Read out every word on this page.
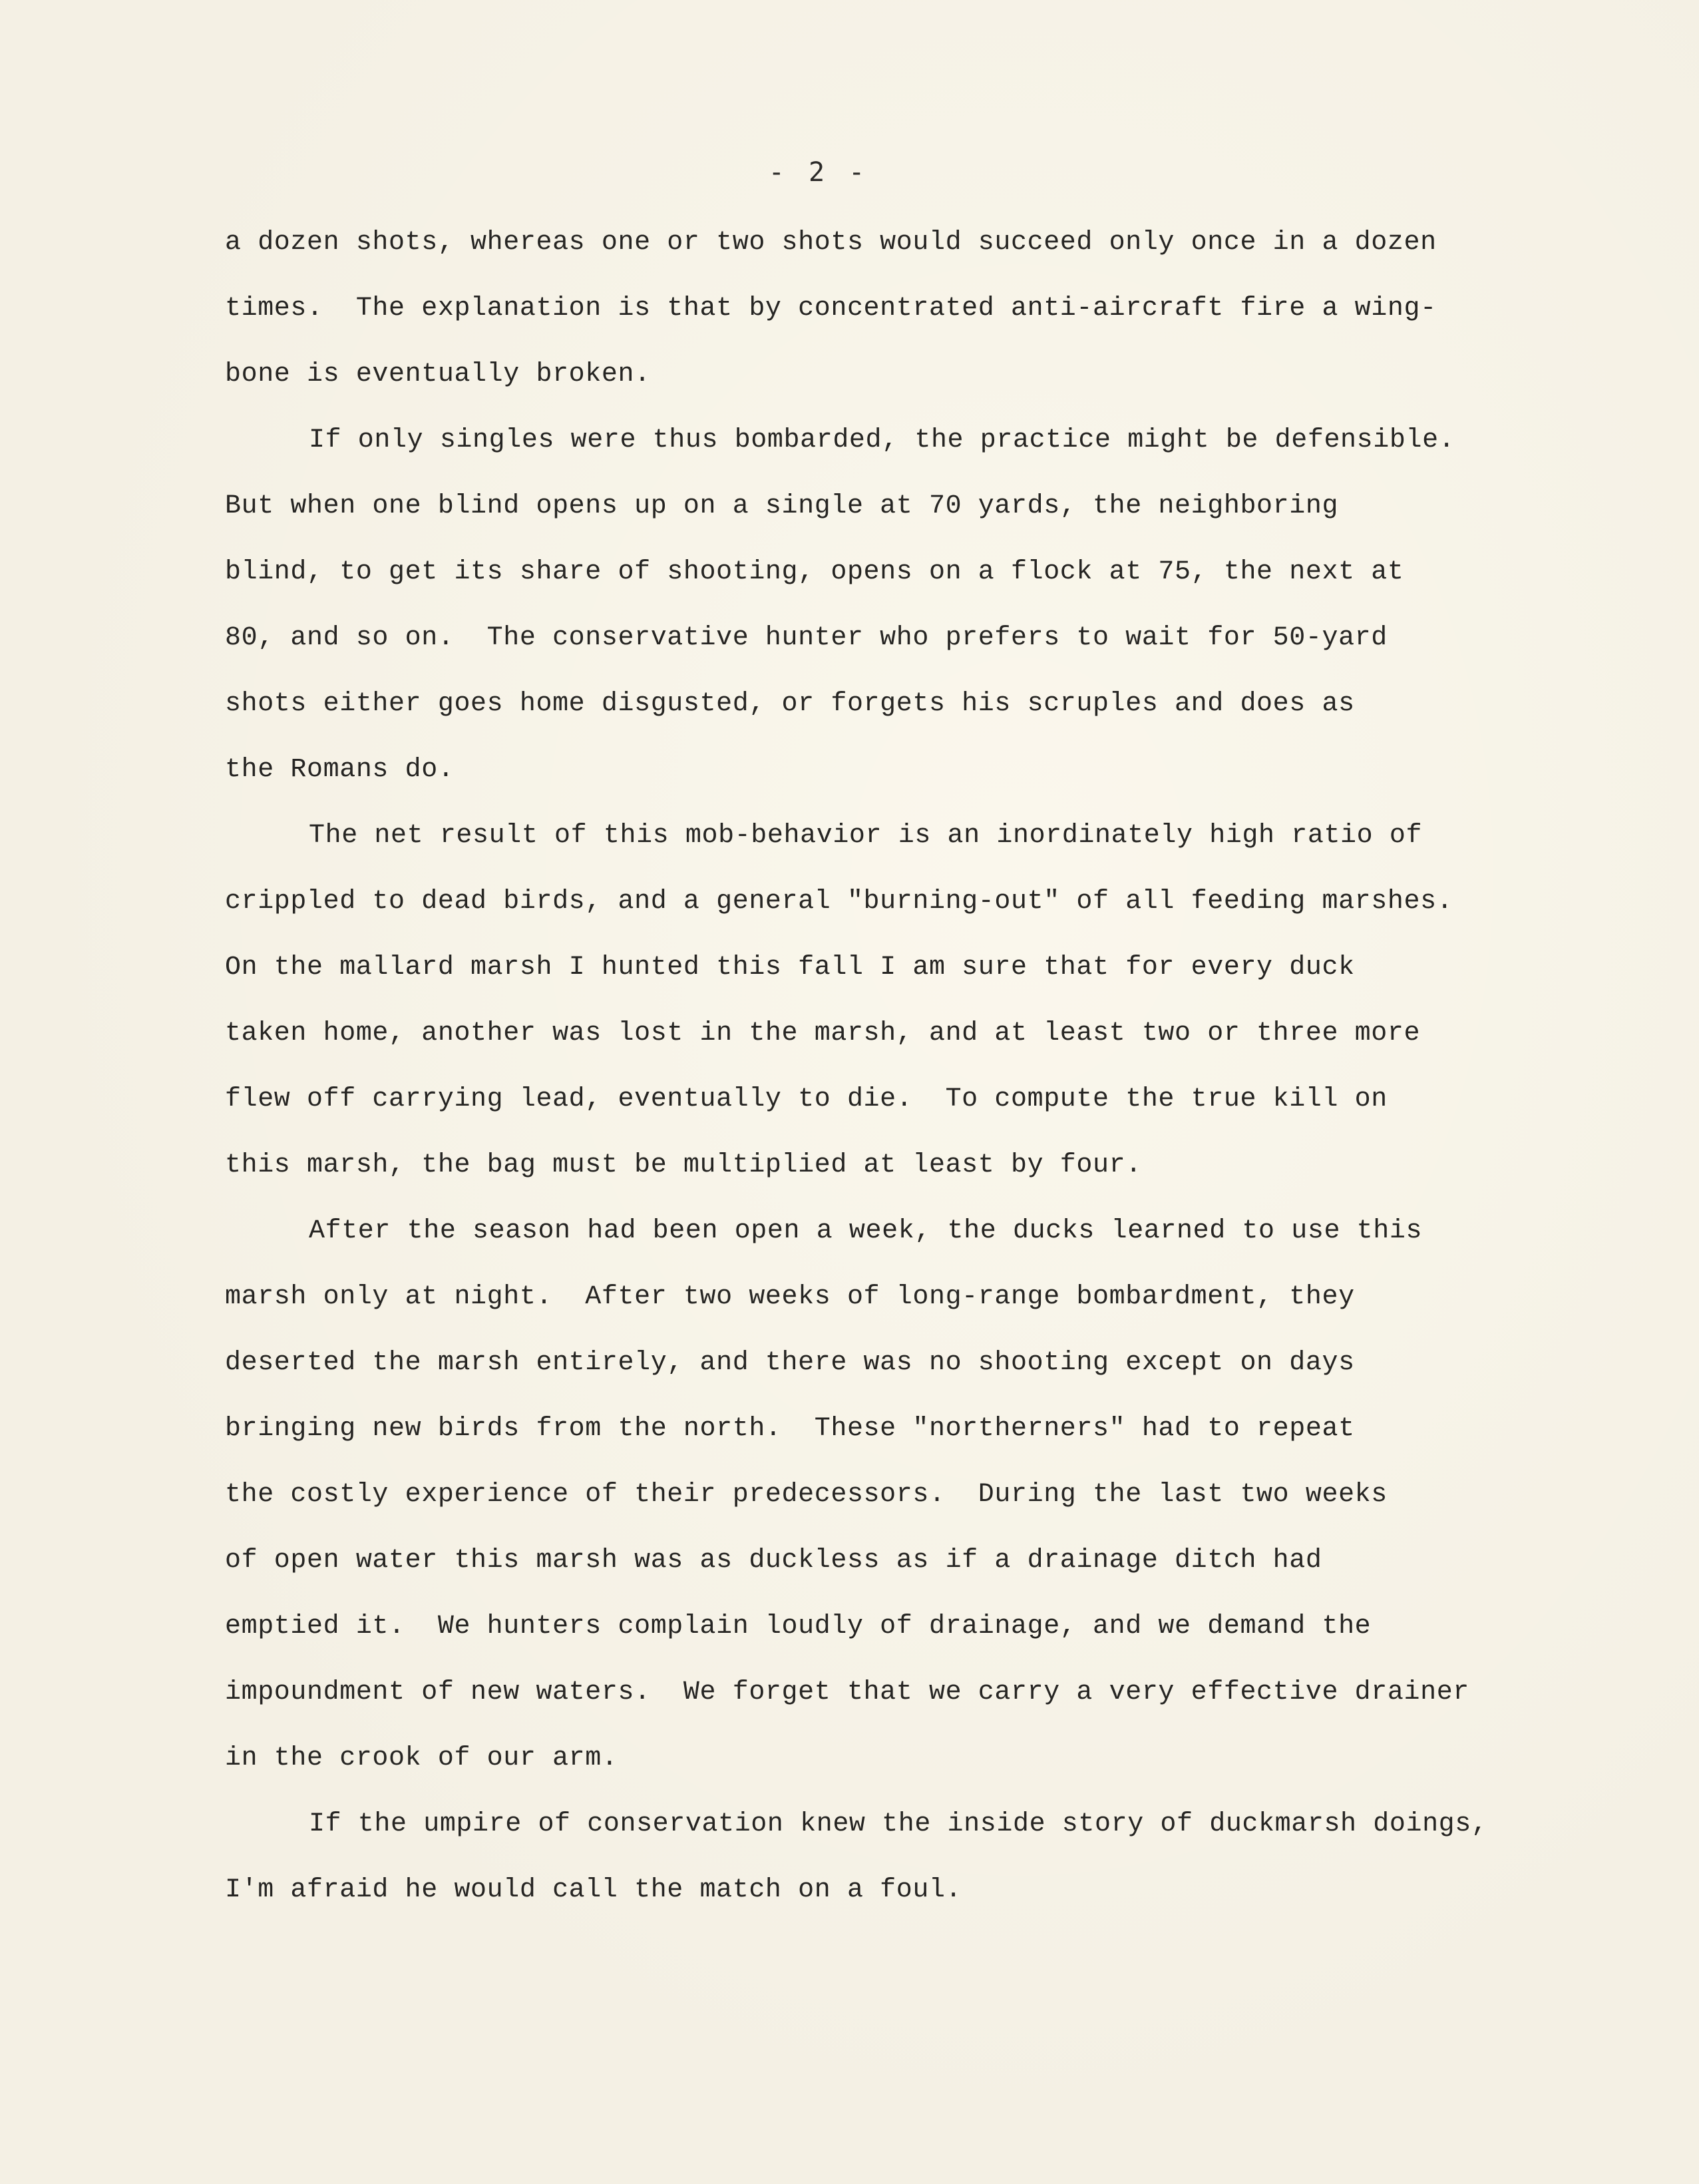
- 2 -
a dozen shots, whereas one or two shots would succeed only once in a dozen
times.  The explanation is that by concentrated anti-aircraft fire a wing-
bone is eventually broken.
If only singles were thus bombarded, the practice might be defensible.
But when one blind opens up on a single at 70 yards, the neighboring
blind, to get its share of shooting, opens on a flock at 75, the next at
80, and so on.  The conservative hunter who prefers to wait for 50-yard
shots either goes home disgusted, or forgets his scruples and does as
the Romans do.
The net result of this mob-behavior is an inordinately high ratio of
crippled to dead birds, and a general "burning-out" of all feeding marshes.
On the mallard marsh I hunted this fall I am sure that for every duck
taken home, another was lost in the marsh, and at least two or three more
flew off carrying lead, eventually to die.  To compute the true kill on
this marsh, the bag must be multiplied at least by four.
After the season had been open a week, the ducks learned to use this
marsh only at night.  After two weeks of long-range bombardment, they
deserted the marsh entirely, and there was no shooting except on days
bringing new birds from the north.  These "northerners" had to repeat
the costly experience of their predecessors.  During the last two weeks
of open water this marsh was as duckless as if a drainage ditch had
emptied it.  We hunters complain loudly of drainage, and we demand the
impoundment of new waters.  We forget that we carry a very effective drainer
in the crook of our arm.
If the umpire of conservation knew the inside story of duckmarsh doings,
I'm afraid he would call the match on a foul.
